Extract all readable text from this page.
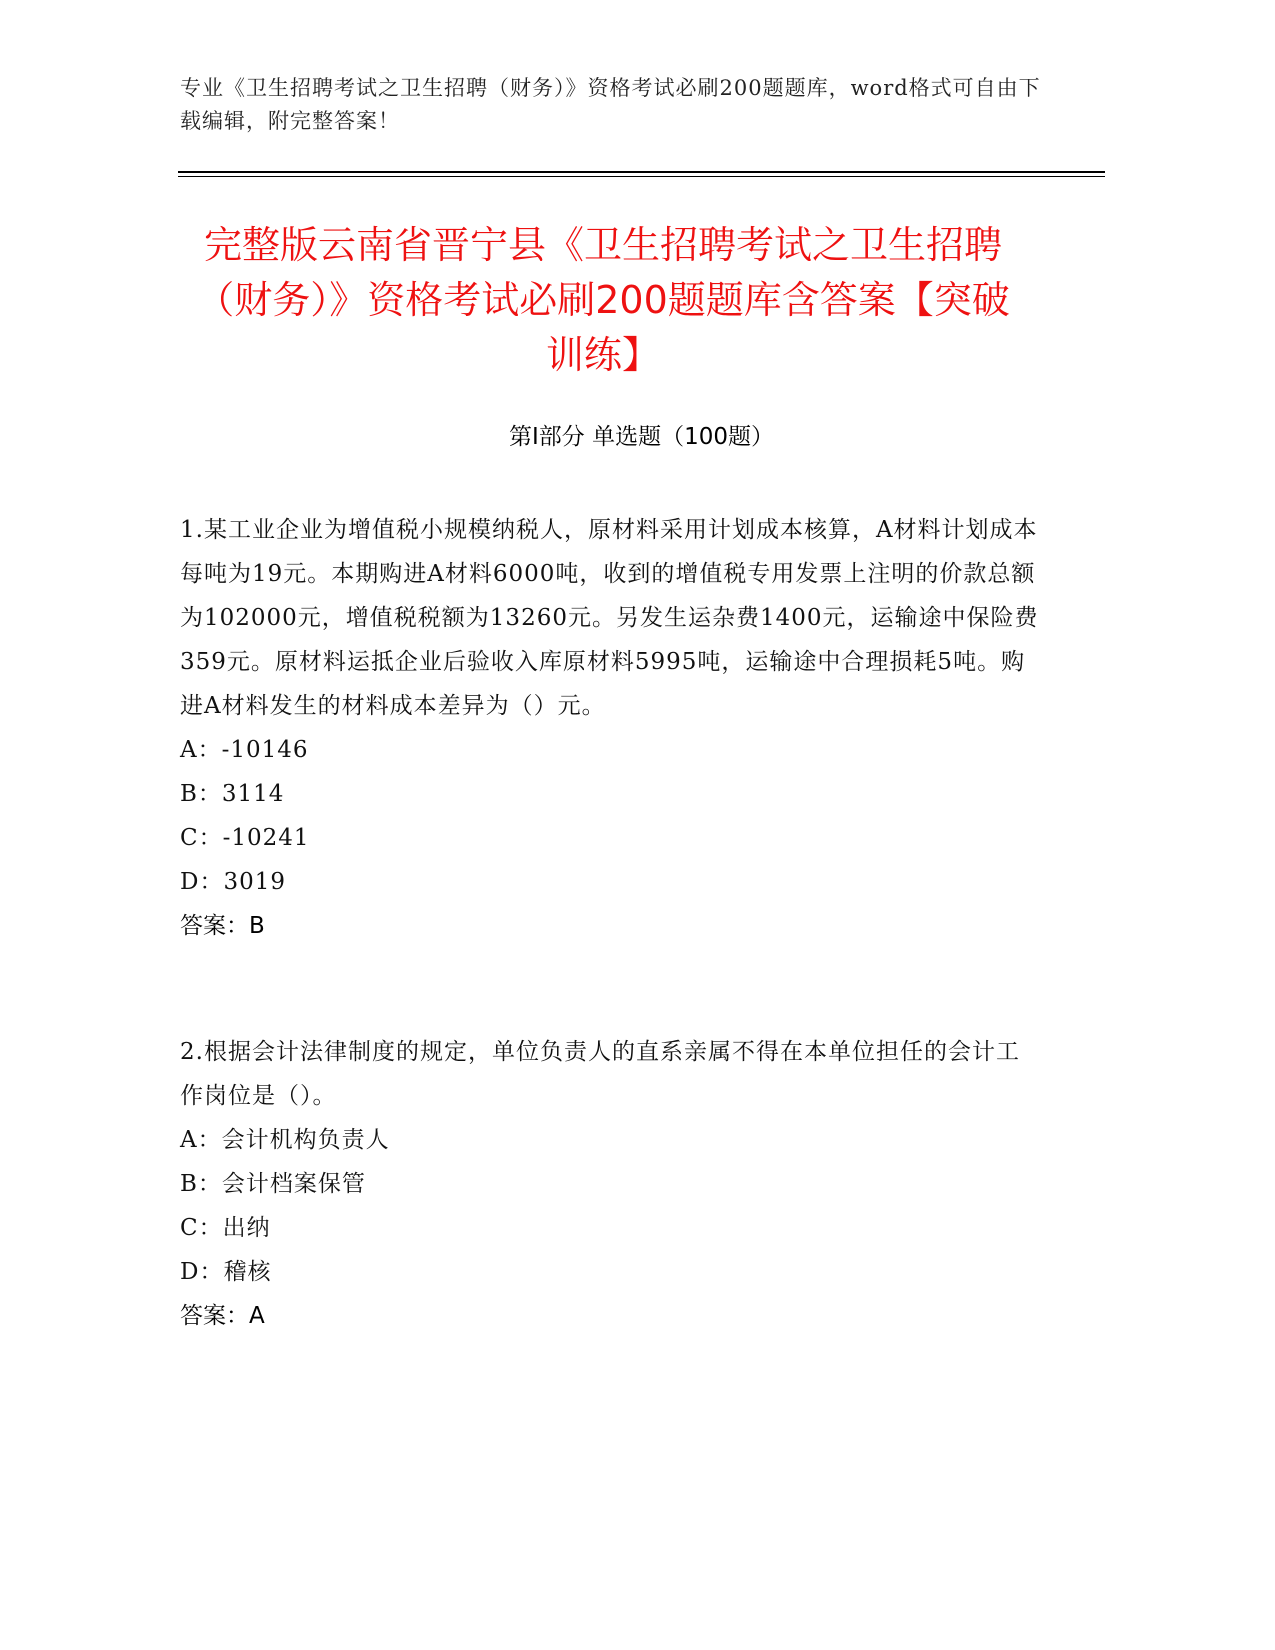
专业《卫生招聘考试之卫生招聘（财务）》资格考试必刷200题题库，word格式可自由下载编辑，附完整答案！
完整版云南省晋宁县《卫生招聘考试之卫生招聘（财务）》资格考试必刷200题题库含答案【突破训练】
第Ⅰ部分 单选题（100题）
1.某工业企业为增值税小规模纳税人，原材料采用计划成本核算，A材料计划成本每吨为19元。本期购进A材料6000吨，收到的增值税专用发票上注明的价款总额为102000元，增值税税额为13260元。另发生运杂费1400元，运输途中保险费359元。原材料运抵企业后验收入库原材料5995吨，运输途中合理损耗5吨。购进A材料发生的材料成本差异为（）元。
A：-10146
B：3114
C：-10241
D：3019
答案：B
2.根据会计法律制度的规定，单位负责人的直系亲属不得在本单位担任的会计工作岗位是（）。
A：会计机构负责人
B：会计档案保管
C：出纳
D：稽核
答案：A
